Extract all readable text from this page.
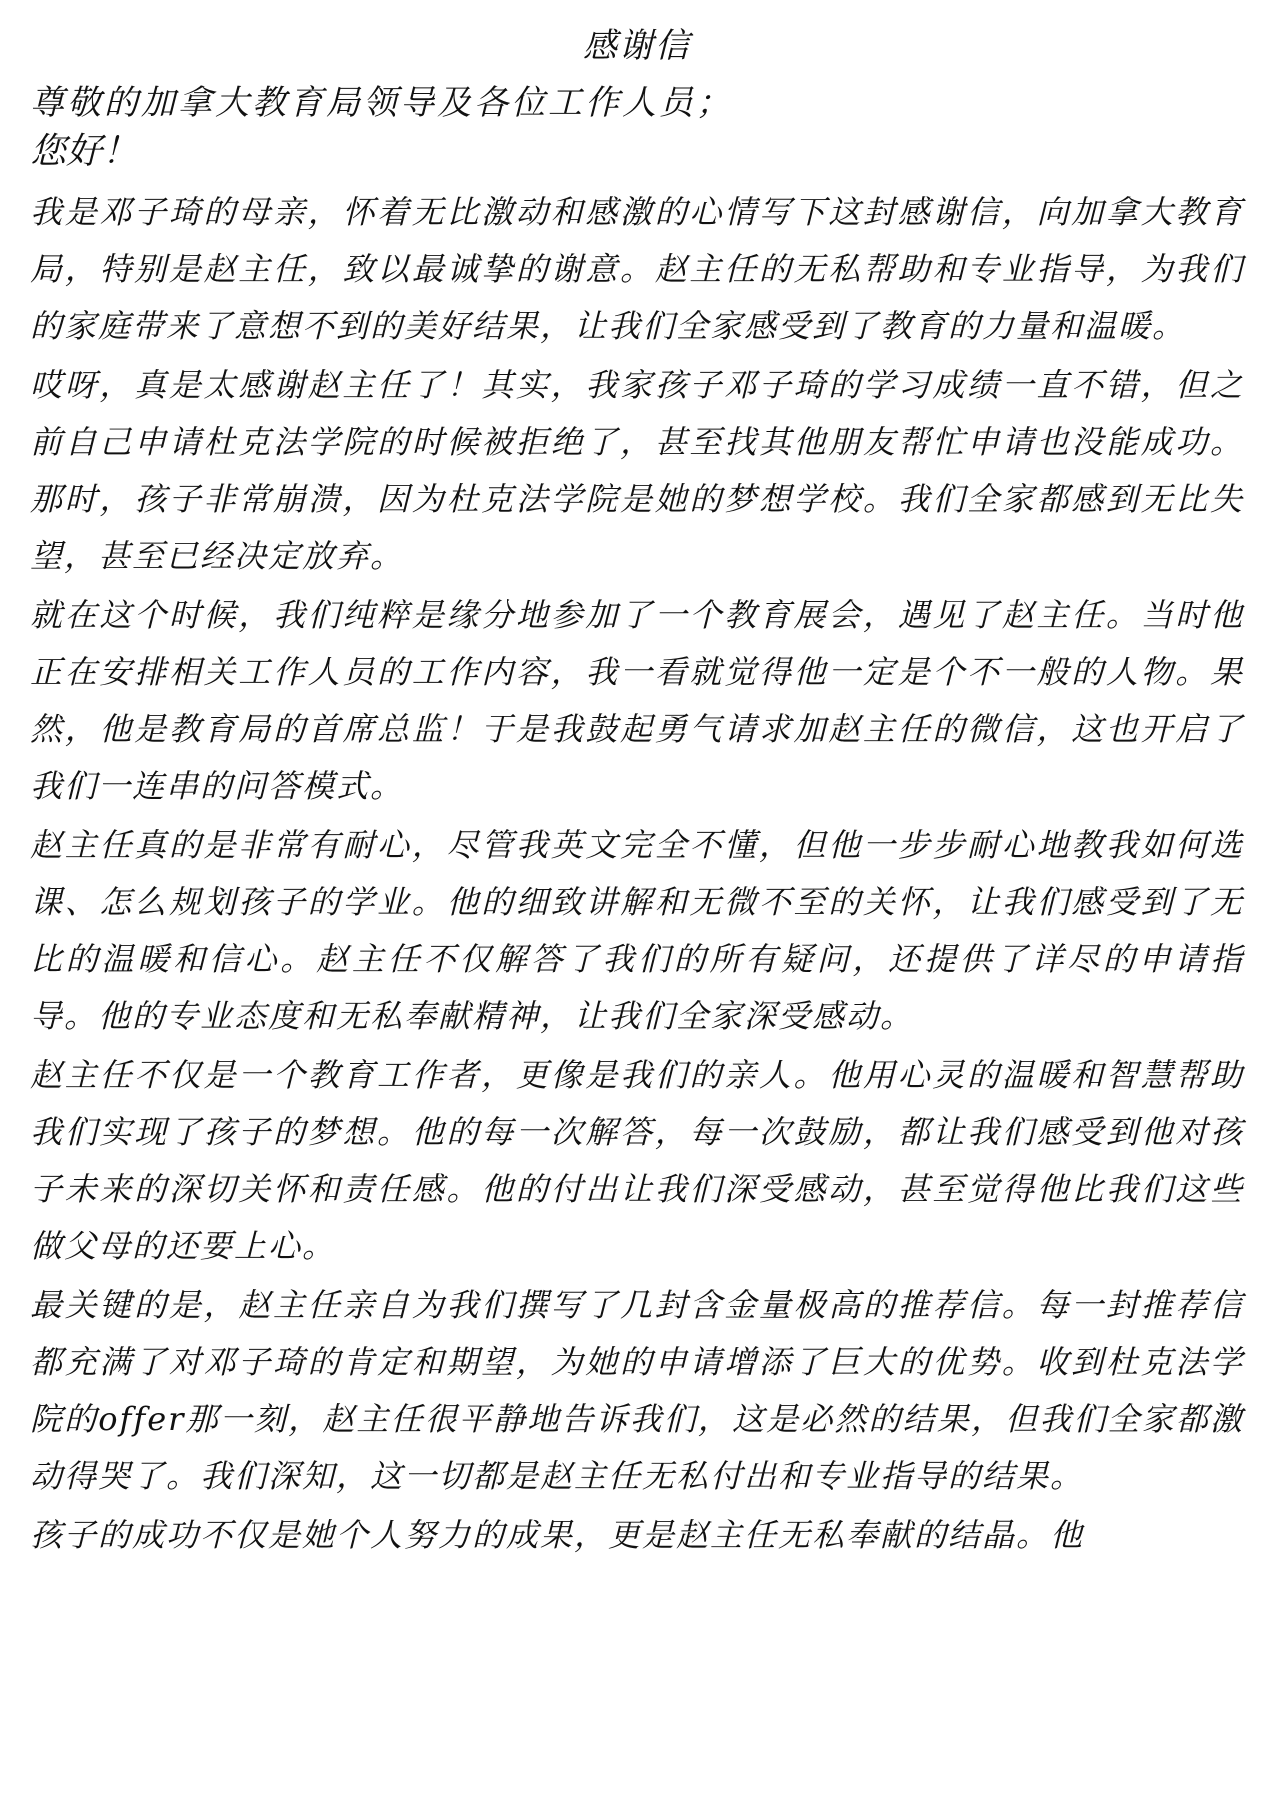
感谢信
尊敬的加拿大教育局领导及各位工作人员；
您好！
我是邓子琦的母亲，怀着无比激动和感激的心情写下这封感谢信，向加拿大教育局，特别是赵主任，致以最诚挚的谢意。赵主任的无私帮助和专业指导，为我们的家庭带来了意想不到的美好结果，让我们全家感受到了教育的力量和温暖。
哎呀，真是太感谢赵主任了！其实，我家孩子邓子琦的学习成绩一直不错，但之前自己申请杜克法学院的时候被拒绝了，甚至找其他朋友帮忙申请也没能成功。那时，孩子非常崩溃，因为杜克法学院是她的梦想学校。我们全家都感到无比失望，甚至已经决定放弃。
就在这个时候，我们纯粹是缘分地参加了一个教育展会，遇见了赵主任。当时他正在安排相关工作人员的工作内容，我一看就觉得他一定是个不一般的人物。果然，他是教育局的首席总监！于是我鼓起勇气请求加赵主任的微信，这也开启了我们一连串的问答模式。
赵主任真的是非常有耐心，尽管我英文完全不懂，但他一步步耐心地教我如何选课、怎么规划孩子的学业。他的细致讲解和无微不至的关怀，让我们感受到了无比的温暖和信心。赵主任不仅解答了我们的所有疑问，还提供了详尽的申请指导。他的专业态度和无私奉献精神，让我们全家深受感动。
赵主任不仅是一个教育工作者，更像是我们的亲人。他用心灵的温暖和智慧帮助我们实现了孩子的梦想。他的每一次解答，每一次鼓励，都让我们感受到他对孩子未来的深切关怀和责任感。他的付出让我们深受感动，甚至觉得他比我们这些做父母的还要上心。
最关键的是，赵主任亲自为我们撰写了几封含金量极高的推荐信。每一封推荐信都充满了对邓子琦的肯定和期望，为她的申请增添了巨大的优势。收到杜克法学院的offer那一刻，赵主任很平静地告诉我们，这是必然的结果，但我们全家都激动得哭了。我们深知，这一切都是赵主任无私付出和专业指导的结果。
孩子的成功不仅是她个人努力的成果，更是赵主任无私奉献的结晶。他
